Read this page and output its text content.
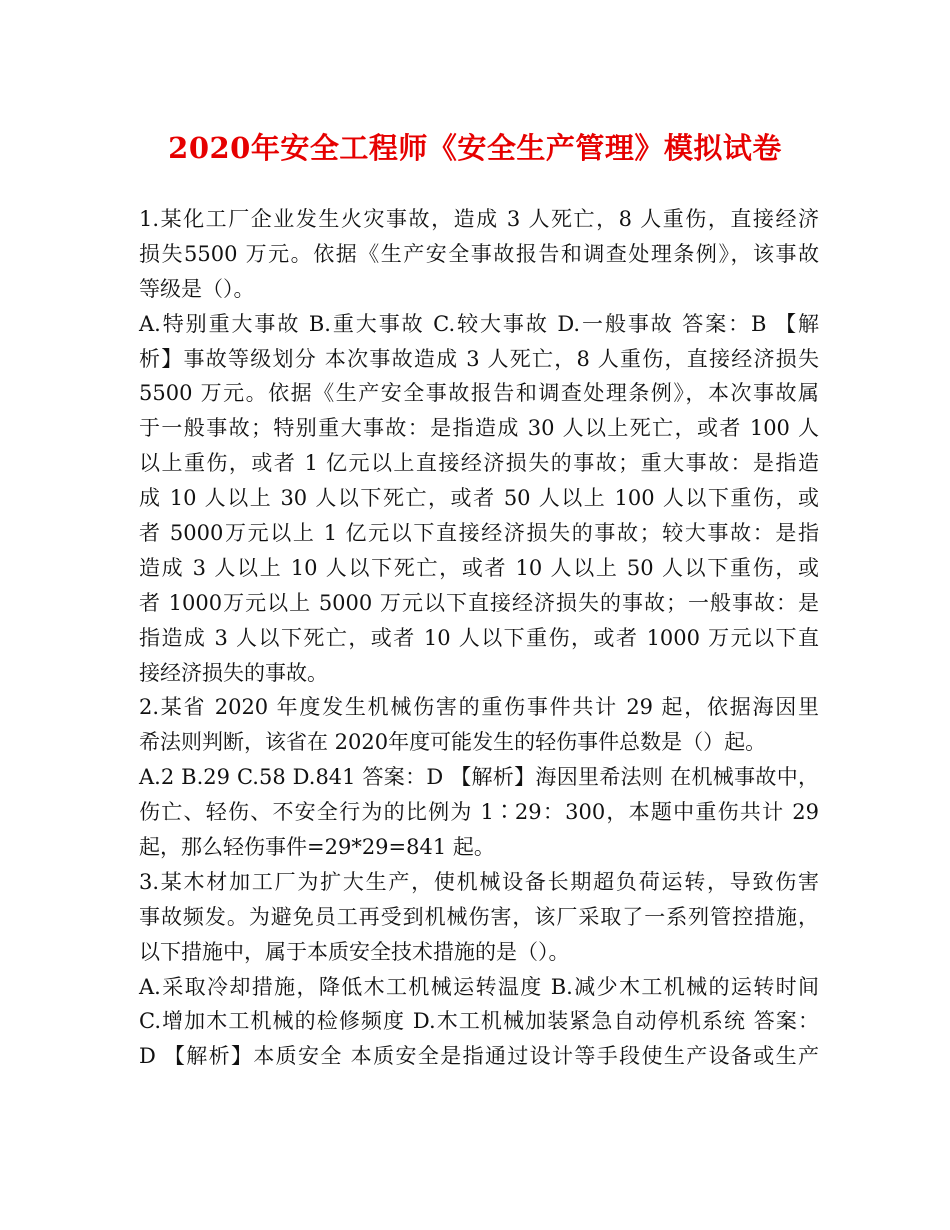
2020年安全工程师《安全生产管理》模拟试卷
1.某化工厂企业发生火灾事故，造成 3 人死亡，8 人重伤，直接经济
损失5500 万元。依据《生产安全事故报告和调查处理条例》，该事故
等级是（）。
A.特别重大事故 B.重大事故 C.较大事故 D.一般事故 答案：B 【解
析】事故等级划分 本次事故造成 3 人死亡，8 人重伤，直接经济损失
5500 万元。依据《生产安全事故报告和调查处理条例》，本次事故属
于一般事故；特别重大事故：是指造成 30 人以上死亡，或者 100 人
以上重伤，或者 1 亿元以上直接经济损失的事故；重大事故：是指造
成 10 人以上 30 人以下死亡，或者 50 人以上 100 人以下重伤，或
者 5000万元以上 1 亿元以下直接经济损失的事故；较大事故：是指
造成 3 人以上 10 人以下死亡，或者 10 人以上 50 人以下重伤，或
者 1000万元以上 5000 万元以下直接经济损失的事故；一般事故：是
指造成 3 人以下死亡，或者 10 人以下重伤，或者 1000 万元以下直
接经济损失的事故。
2.某省 2020 年度发生机械伤害的重伤事件共计 29 起，依据海因里
希法则判断，该省在 2020年度可能发生的轻伤事件总数是（）起。
A.2 B.29 C.58 D.841 答案：D 【解析】海因里希法则 在机械事故中，
伤亡、轻伤、不安全行为的比例为 1∶29：300，本题中重伤共计 29
起，那么轻伤事件=29*29=841 起。
3.某木材加工厂为扩大生产，使机械设备长期超负荷运转，导致伤害
事故频发。为避免员工再受到机械伤害，该厂采取了一系列管控措施，
以下措施中，属于本质安全技术措施的是（）。
A.采取冷却措施，降低木工机械运转温度 B.减少木工机械的运转时间
C.增加木工机械的检修频度 D.木工机械加装紧急自动停机系统 答案：
D 【解析】本质安全 本质安全是指通过设计等手段使生产设备或生产
